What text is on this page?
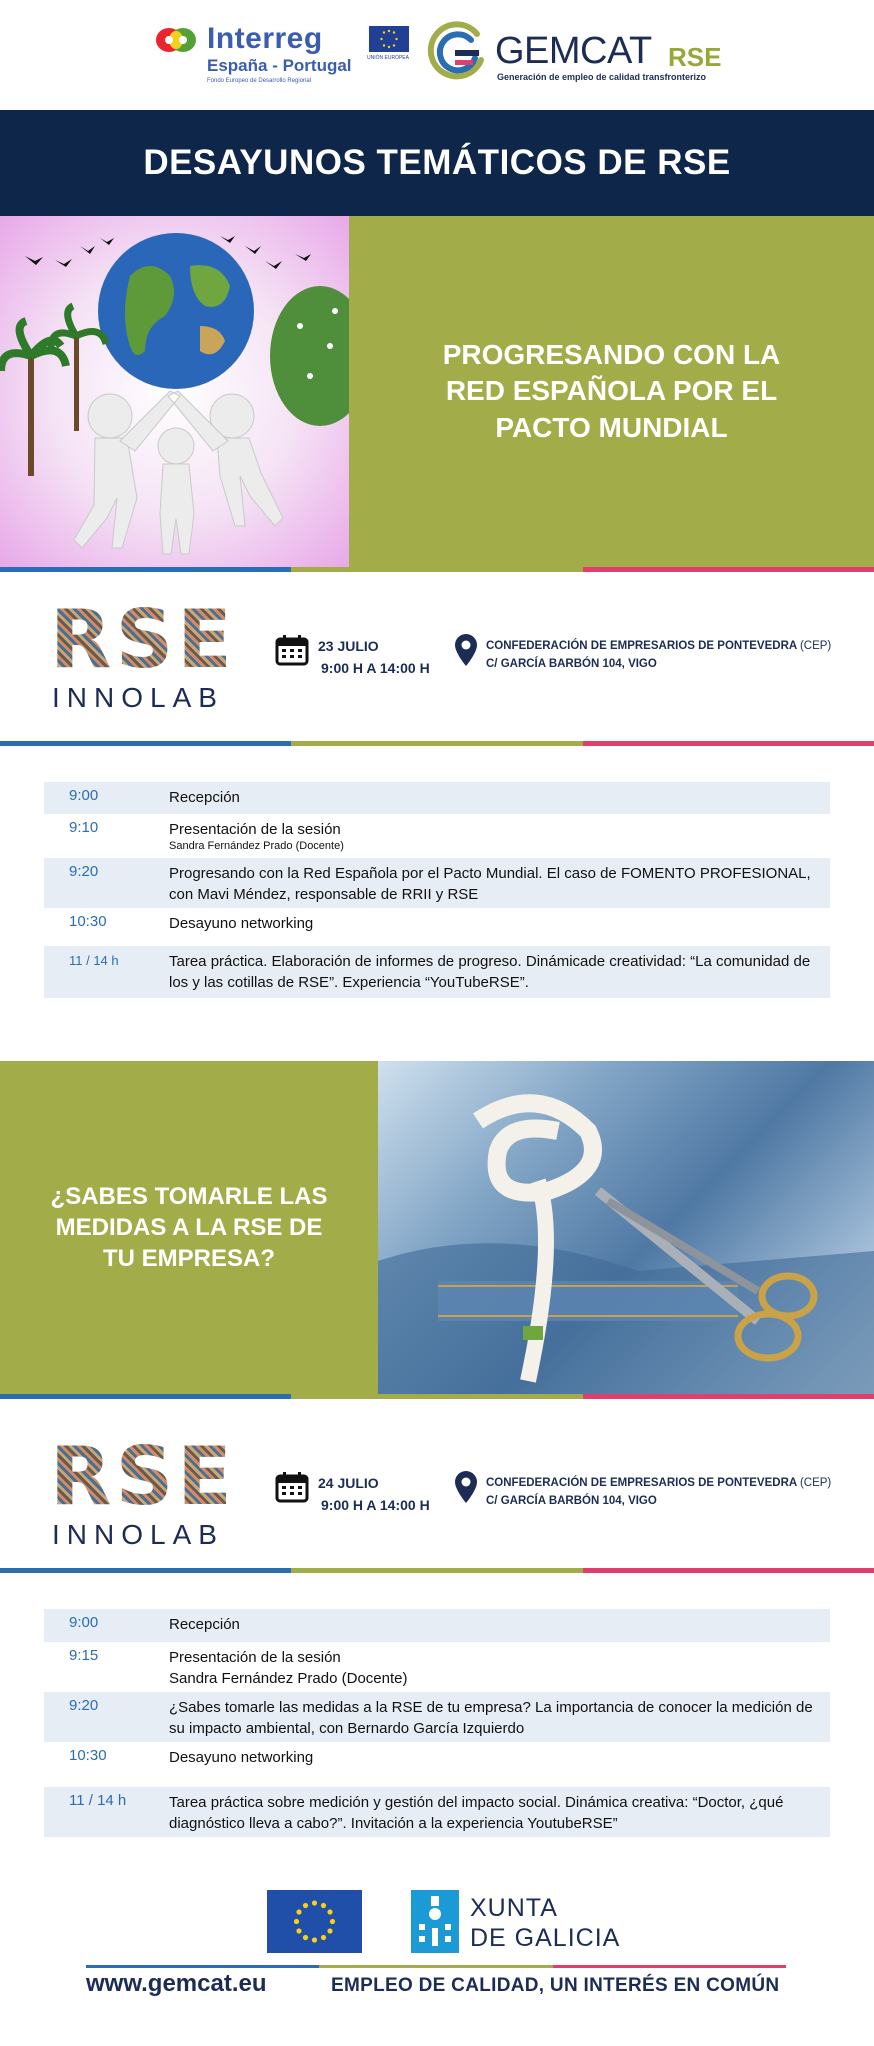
Interreg
España - Portugal
Fondo Europeo de Desarrollo Regional
UNIÓN EUROPEA GEMCAT RSE
Generación de empleo de calidad transfronterizo
DESAYUNOS TEMÁTICOS DE RSE
PROGRESANDO CON LA RED ESPAÑOLA POR EL PACTO MUNDIAL
RSE
INNOLAB
23 JULIO
9:00 H A 14:00 H
CONFEDERACIÓN DE EMPRESARIOS DE PONTEVEDRA (CEP)
C/ GARCÍA BARBÓN 104, VIGO
9:00	Recepción
9:10	Presentación de la sesión
Sandra Fernández Prado (Docente)
9:20	Progresando con la Red Española por el Pacto Mundial. El caso de FOMENTO PROFESIONAL, con Mavi Méndez, responsable de RRII y RSE
10:30	Desayuno networking
11 / 14 h	Tarea práctica. Elaboración de informes de progreso. Dinámicade creatividad: “La comunidad de los y las cotillas de RSE”. Experiencia “YouTubeRSE”.
¿SABES TOMARLE LAS MEDIDAS A LA RSE DE TU EMPRESA?
RSE
INNOLAB
24 JULIO
9:00 H A 14:00 H
CONFEDERACIÓN DE EMPRESARIOS DE PONTEVEDRA (CEP)
C/ GARCÍA BARBÓN 104, VIGO
9:00	Recepción
9:15	Presentación de la sesión
Sandra Fernández Prado (Docente)
9:20	¿Sabes tomarle las medidas a la RSE de tu empresa? La importancia de conocer la medición de su impacto ambiental, con Bernardo García Izquierdo
10:30	Desayuno networking
11 / 14 h	Tarea práctica sobre medición y gestión del impacto social. Dinámica creativa: “Doctor, ¿qué diagnóstico lleva a cabo?”. Invitación a la experiencia YoutubeRSE”
XUNTA
DE GALICIA
www.gemcat.eu	EMPLEO DE CALIDAD, UN INTERÉS EN COMÚN
